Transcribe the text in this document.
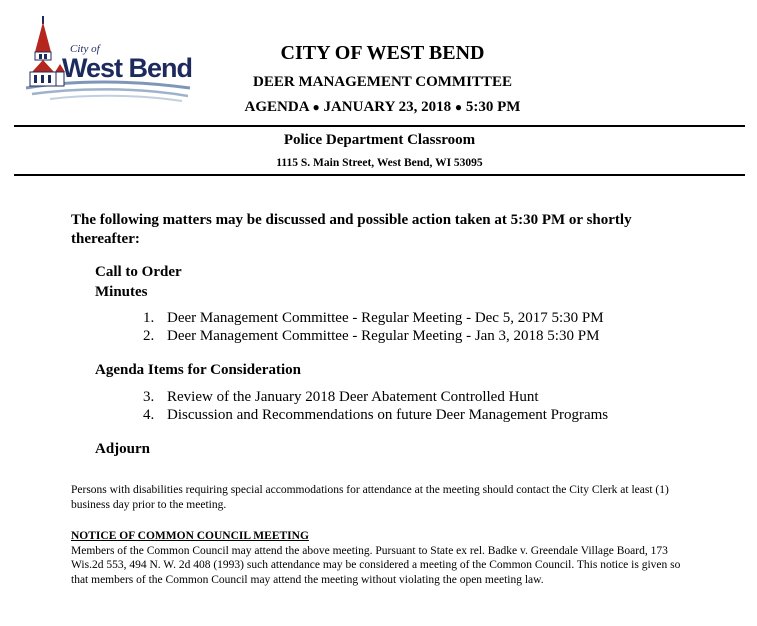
City of
West Bend	CITY OF WEST BEND
DEER MANAGEMENT COMMITTEE
AGENDA ● JANUARY 23, 2018 ● 5:30 PM
Police Department Classroom
1115 S. Main Street, West Bend, WI 53095
The following matters may be discussed and possible action taken at 5:30 PM or shortly thereafter:
Call to Order
Minutes
1. Deer Management Committee - Regular Meeting - Dec 5, 2017 5:30 PM
2. Deer Management Committee - Regular Meeting - Jan 3, 2018 5:30 PM
Agenda Items for Consideration
3. Review of the January 2018 Deer Abatement Controlled Hunt
4. Discussion and Recommendations on future Deer Management Programs
Adjourn
Persons with disabilities requiring special accommodations for attendance at the meeting should contact the City Clerk at least (1) business day prior to the meeting.
NOTICE OF COMMON COUNCIL MEETING
Members of the Common Council may attend the above meeting. Pursuant to State ex rel. Badke v. Greendale Village Board, 173 Wis.2d 553, 494 N. W. 2d 408 (1993) such attendance may be considered a meeting of the Common Council. This notice is given so that members of the Common Council may attend the meeting without violating the open meeting law.
